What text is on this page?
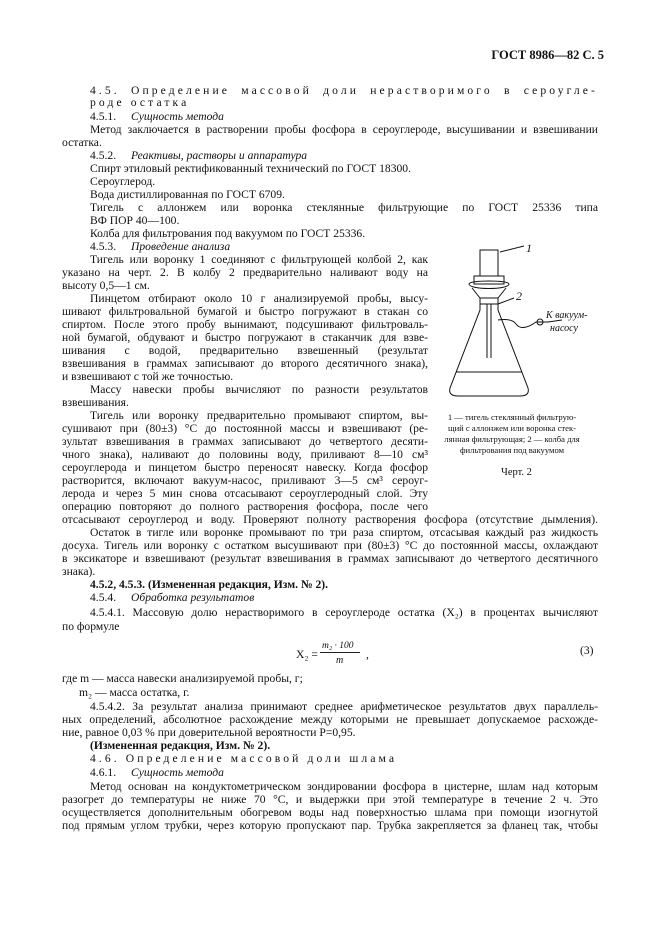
ГОСТ 8986—82 С. 5
4.5. Определение массовой доли нерастворимого в сероугле-
роде остатка
4.5.1. Сущность метода
Метод заключается в растворении пробы фосфора в сероуглероде, высушивании и взвешивании
остатка.
4.5.2. Реактивы, растворы и аппаратура
Спирт этиловый ректификованный технический по ГОСТ 18300.
Сероуглерод.
Вода дистиллированная по ГОСТ 6709.
Тигель с аллонжем или воронка стеклянные фильтрующие по ГОСТ 25336 типа
ВФ ПОР 40—100.
Колба для фильтрования под вакуумом по ГОСТ 25336.
4.5.3. Проведение анализа
Тигель или воронку 1 соединяют с фильтрующей колбой 2, как
указано на черт. 2. В колбу 2 предварительно наливают воду на
высоту 0,5—1 см.
Пинцетом отбирают около 10 г анализируемой пробы, высу-
шивают фильтровальной бумагой и быстро погружают в стакан со
спиртом. После этого пробу вынимают, подсушивают фильтроваль-
ной бумагой, обдувают и быстро погружают в стаканчик для взве-
шивания с водой, предварительно взвешенный (результат
взвешивания в граммах записывают до второго десятичного знака),
и взвешивают с той же точностью.
Массу навески пробы вычисляют по разности результатов
взвешивания.
Тигель или воронку предварительно промывают спиртом, вы-
сушивают при (80±3) °С до постоянной массы и взвешивают (ре-
зультат взвешивания в граммах записывают до четвертого десяти-
чного знака), наливают до половины воду, приливают 8—10 см³
сероуглерода и пинцетом быстро переносят навеску. Когда фосфор
растворится, включают вакуум-насос, приливают 3—5 см³ сероуг-
лерода и через 5 мин снова отсасывают сероуглеродный слой. Эту
операцию повторяют до полного растворения фосфора, после чего
отсасывают сероуглерод и воду. Проверяют полноту растворения фосфора (отсутствие дымления).
Остаток в тигле или воронке промывают по три раза спиртом, отсасывая каждый раз жидкость
досуха. Тигель или воронку с остатком высушивают при (80±3) °С до постоянной массы, охлаждают
в эксикаторе и взвешивают (результат взвешивания в граммах записывают до четвертого десятичного
знака).
4.5.2, 4.5.3. (Измененная редакция, Изм. № 2).
4.5.4. Обработка результатов
4.5.4.1. Массовую долю нерастворимого в сероуглероде остатка (X₂) в процентах вычисляют
по формуле
X₂ =
m₂ · 100
m ,	(3)
где m — масса навески анализируемой пробы, г;
m₂ — масса остатка, г.
4.5.4.2. За результат анализа принимают среднее арифметическое результатов двух параллель-
ных определений, абсолютное расхождение между которыми не превышает допускаемое расхожде-
ние, равное 0,03 % при доверительной вероятности P=0,95.
(Измененная редакция, Изм. № 2).
4.6. Определение массовой доли шлама
4.6.1. Сущность метода
Метод основан на кондуктометрическом зондировании фосфора в цистерне, шлам над которым
разогрет до температуры не ниже 70 °С, и выдержки при этой температуре в течение 2 ч. Это
осуществляется дополнительным обогревом воды над поверхностью шлама при помощи изогнутой
под прямым углом трубки, через которую пропускают пар. Трубка закрепляется за фланец так, чтобы
1
2
К вакуум-
насосу
1 — тигель стеклянный фильтрую-
щий с аллонжем или воронка стек-
лянная фильтрующая; 2 — колба для
фильтрования под вакуумом
Черт. 2
